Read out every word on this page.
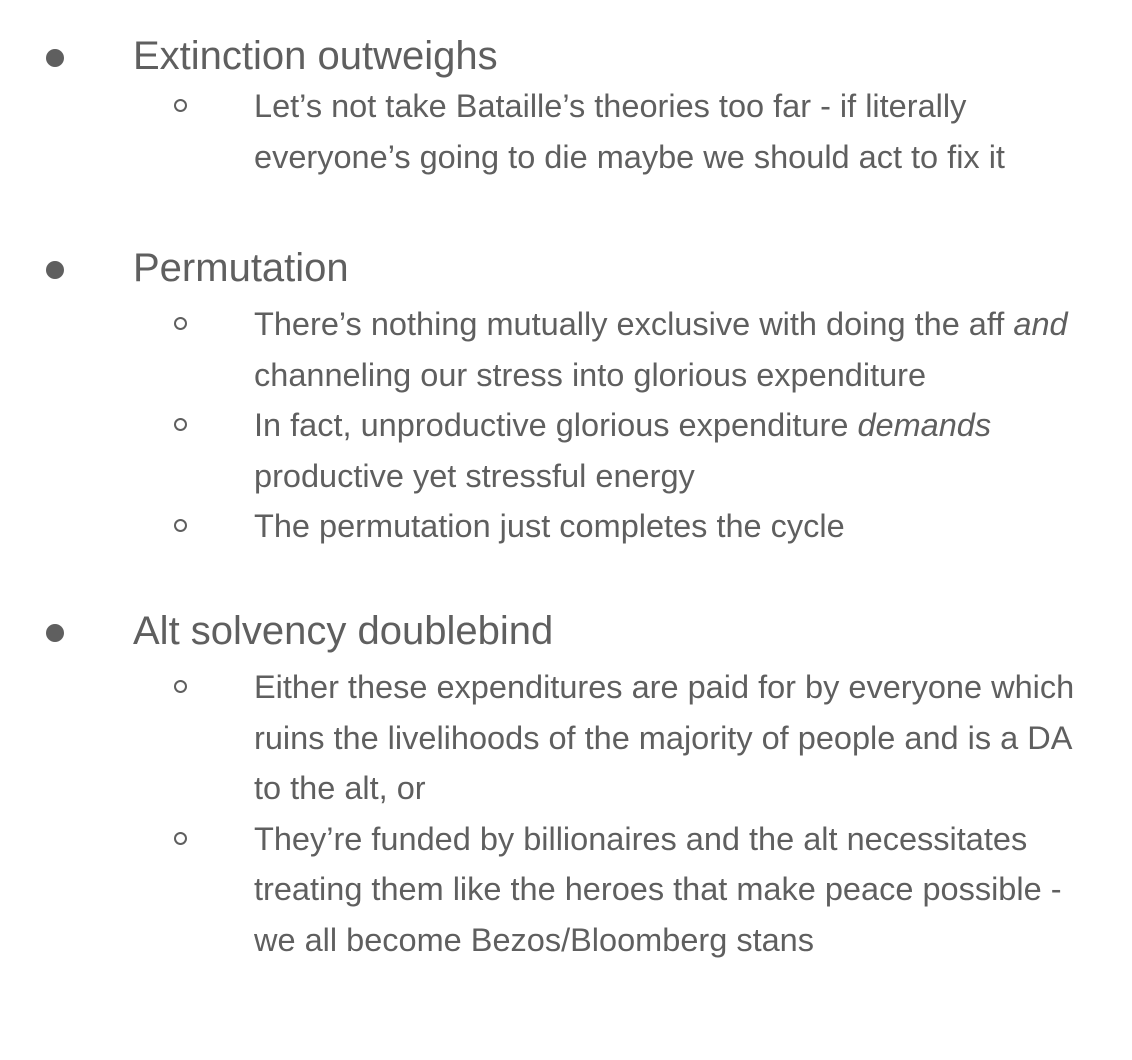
Extinction outweighs
Let’s not take Bataille’s theories too far - if literally everyone’s going to die maybe we should act to fix it
Permutation
There’s nothing mutually exclusive with doing the aff and channeling our stress into glorious expenditure
In fact, unproductive glorious expenditure demands productive yet stressful energy
The permutation just completes the cycle
Alt solvency doublebind
Either these expenditures are paid for by everyone which ruins the livelihoods of the majority of people and is a DA to the alt, or
They’re funded by billionaires and the alt necessitates treating them like the heroes that make peace possible - we all become Bezos/Bloomberg stans
